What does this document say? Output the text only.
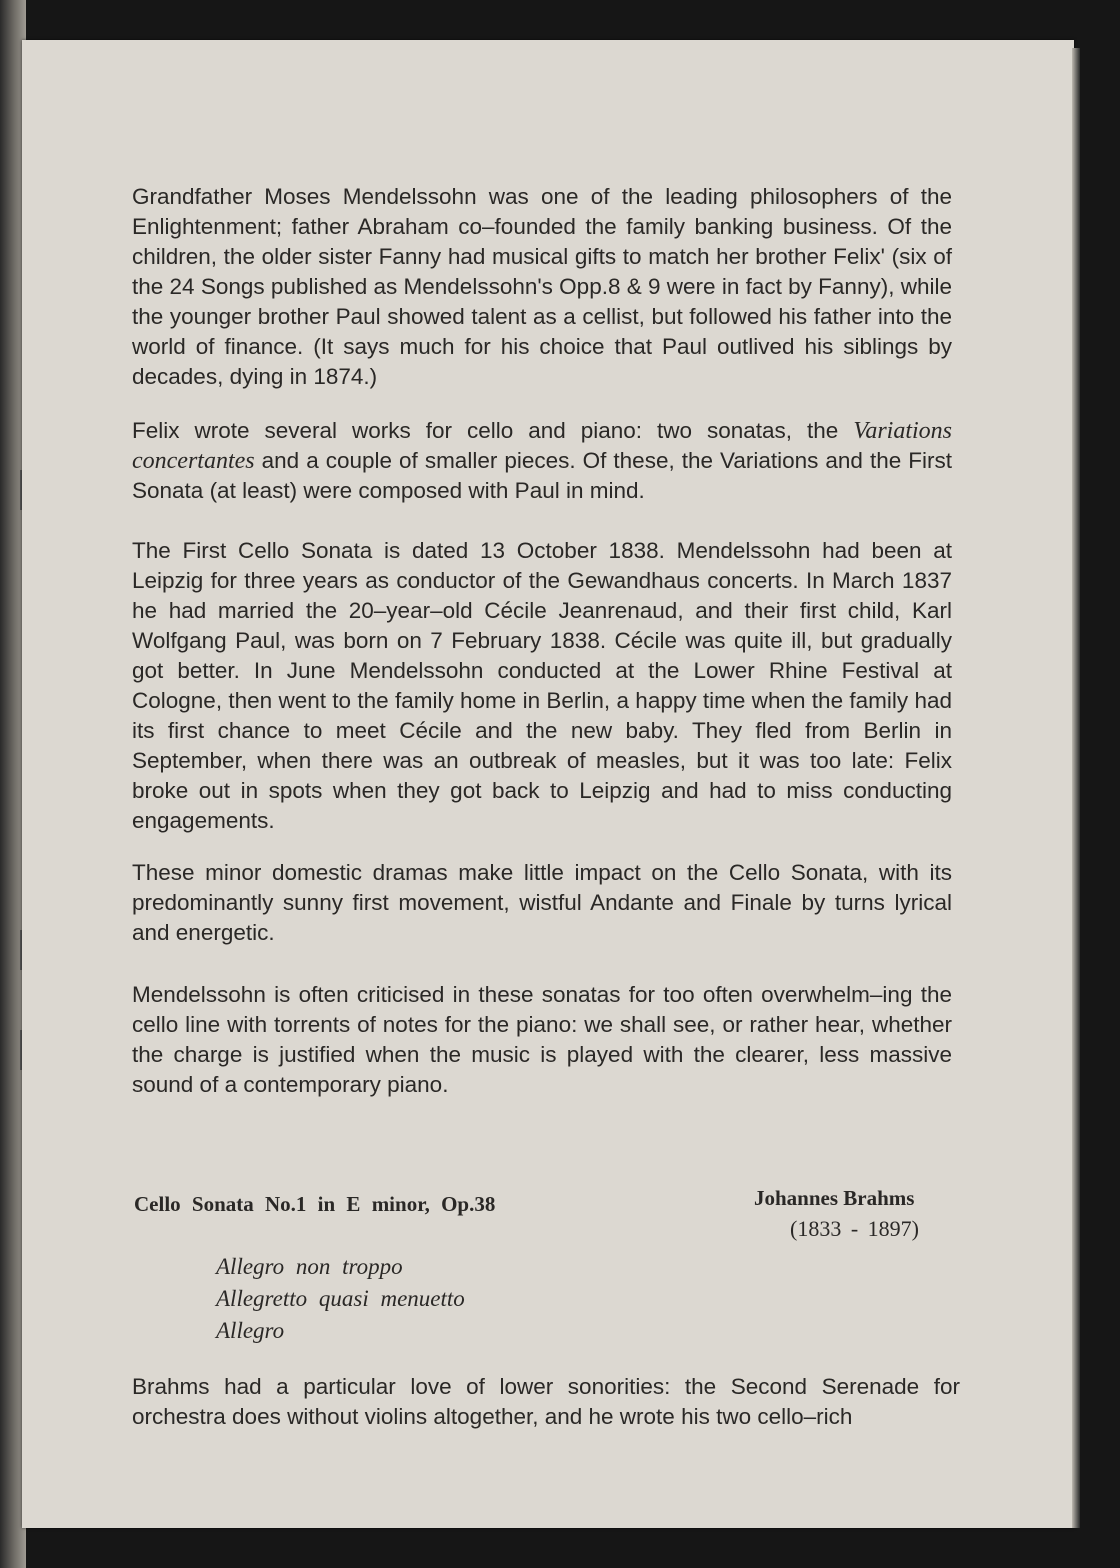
Grandfather Moses Mendelssohn was one of the leading philosophers of the Enlightenment; father Abraham co–founded the family banking business. Of the children, the older sister Fanny had musical gifts to match her brother Felix' (six of the 24 Songs published as Mendelssohn's Opp.8 & 9 were in fact by Fanny), while the younger brother Paul showed talent as a cellist, but followed his father into the world of finance. (It says much for his choice that Paul outlived his siblings by decades, dying in 1874.)

Felix wrote several works for cello and piano: two sonatas, the Variations concertantes and a couple of smaller pieces. Of these, the Variations and the First Sonata (at least) were composed with Paul in mind.

The First Cello Sonata is dated 13 October 1838. Mendelssohn had been at Leipzig for three years as conductor of the Gewandhaus concerts. In March 1837 he had married the 20–year–old Cécile Jeanrenaud, and their first child, Karl Wolfgang Paul, was born on 7 February 1838. Cécile was quite ill, but gradually got better. In June Mendelssohn conducted at the Lower Rhine Festival at Cologne, then went to the family home in Berlin, a happy time when the family had its first chance to meet Cécile and the new baby. They fled from Berlin in September, when there was an outbreak of measles, but it was too late: Felix broke out in spots when they got back to Leipzig and had to miss conducting engagements.

These minor domestic dramas make little impact on the Cello Sonata, with its predominantly sunny first movement, wistful Andante and Finale by turns lyrical and energetic.

Mendelssohn is often criticised in these sonatas for too often overwhelm–ing the cello line with torrents of notes for the piano: we shall see, or rather hear, whether the charge is justified when the music is played with the clearer, less massive sound of a contemporary piano.

Cello Sonata No.1 in E minor, Op.38	Johannes Brahms

(1833 - 1897)

Allegro non troppo

Allegretto quasi menuetto

Allegro

Brahms had a particular love of lower sonorities: the Second Serenade for orchestra does without violins altogether, and he wrote his two cello–rich
